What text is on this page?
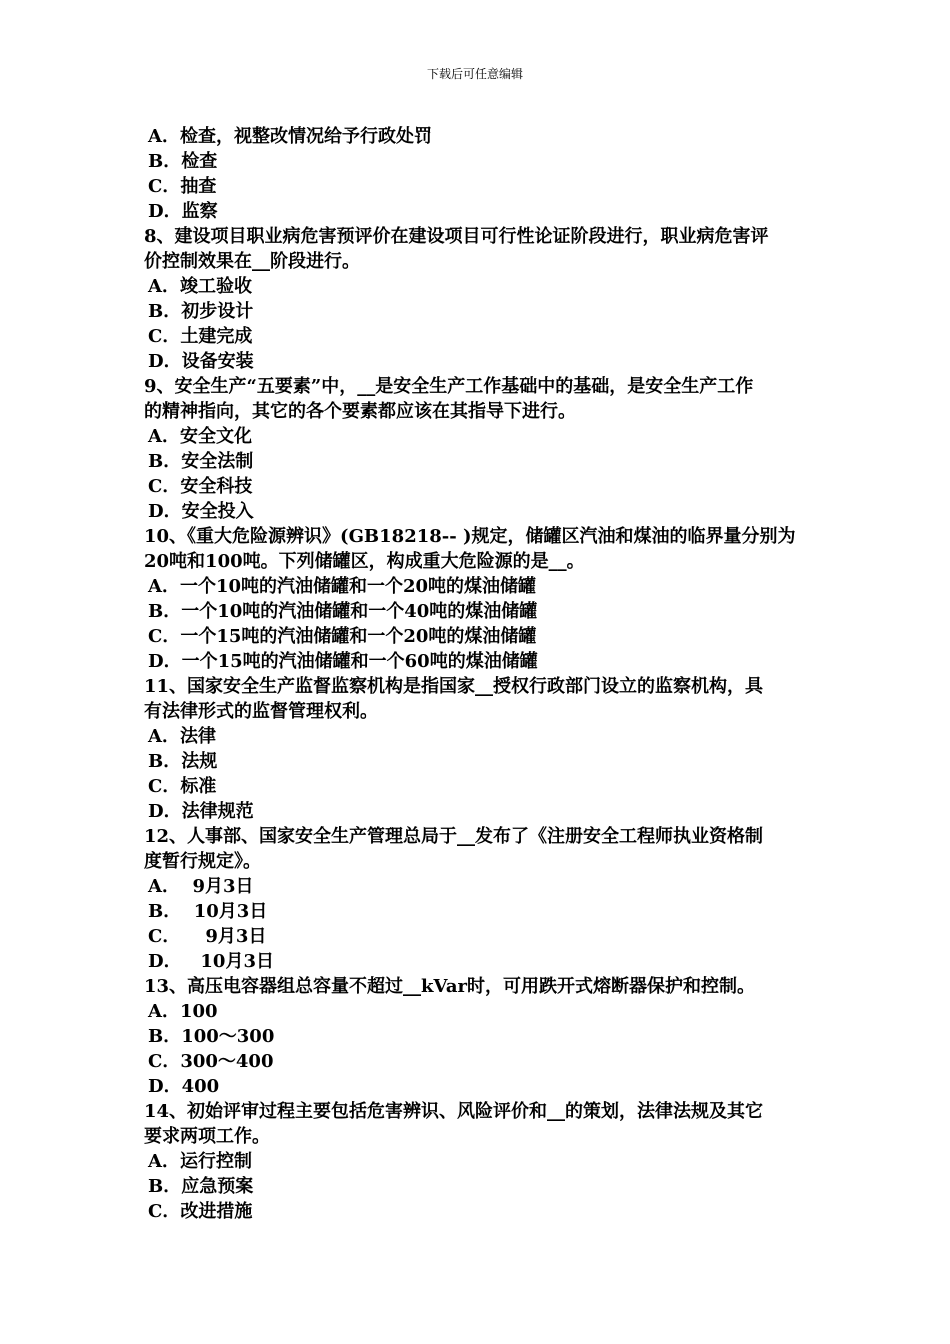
下载后可任意编辑
A．检查，视整改情况给予行政处罚
B．检查
C．抽查
D．监察
8、建设项目职业病危害预评价在建设项目可行性论证阶段进行，职业病危害评
价控制效果在__阶段进行。
A．竣工验收
B．初步设计
C．土建完成
D．设备安装
9、安全生产“五要素”中，__是安全生产工作基础中的基础，是安全生产工作
的精神指向，其它的各个要素都应该在其指导下进行。
A．安全文化
B．安全法制
C．安全科技
D．安全投入
10、《重大危险源辨识》(GB18218-- )规定，储罐区汽油和煤油的临界量分别为
20吨和100吨。下列储罐区，构成重大危险源的是__。
A．一个10吨的汽油储罐和一个20吨的煤油储罐
B．一个10吨的汽油储罐和一个40吨的煤油储罐
C．一个15吨的汽油储罐和一个20吨的煤油储罐
D．一个15吨的汽油储罐和一个60吨的煤油储罐
11、国家安全生产监督监察机构是指国家__授权行政部门设立的监察机构，具
有法律形式的监督管理权利。
A．法律
B．法规
C．标准
D．法律规范
12、人事部、国家安全生产管理总局于__发布了《注册安全工程师执业资格制
度暂行规定》。
A．  9月3日
B．  10月3日
C．    9月3日
D．   10月3日
13、高压电容器组总容量不超过__kVar时，可用跌开式熔断器保护和控制。
A．100
B．100～300
C．300～400
D．400
14、初始评审过程主要包括危害辨识、风险评价和__的策划，法律法规及其它
要求两项工作。
A．运行控制
B．应急预案
C．改进措施
